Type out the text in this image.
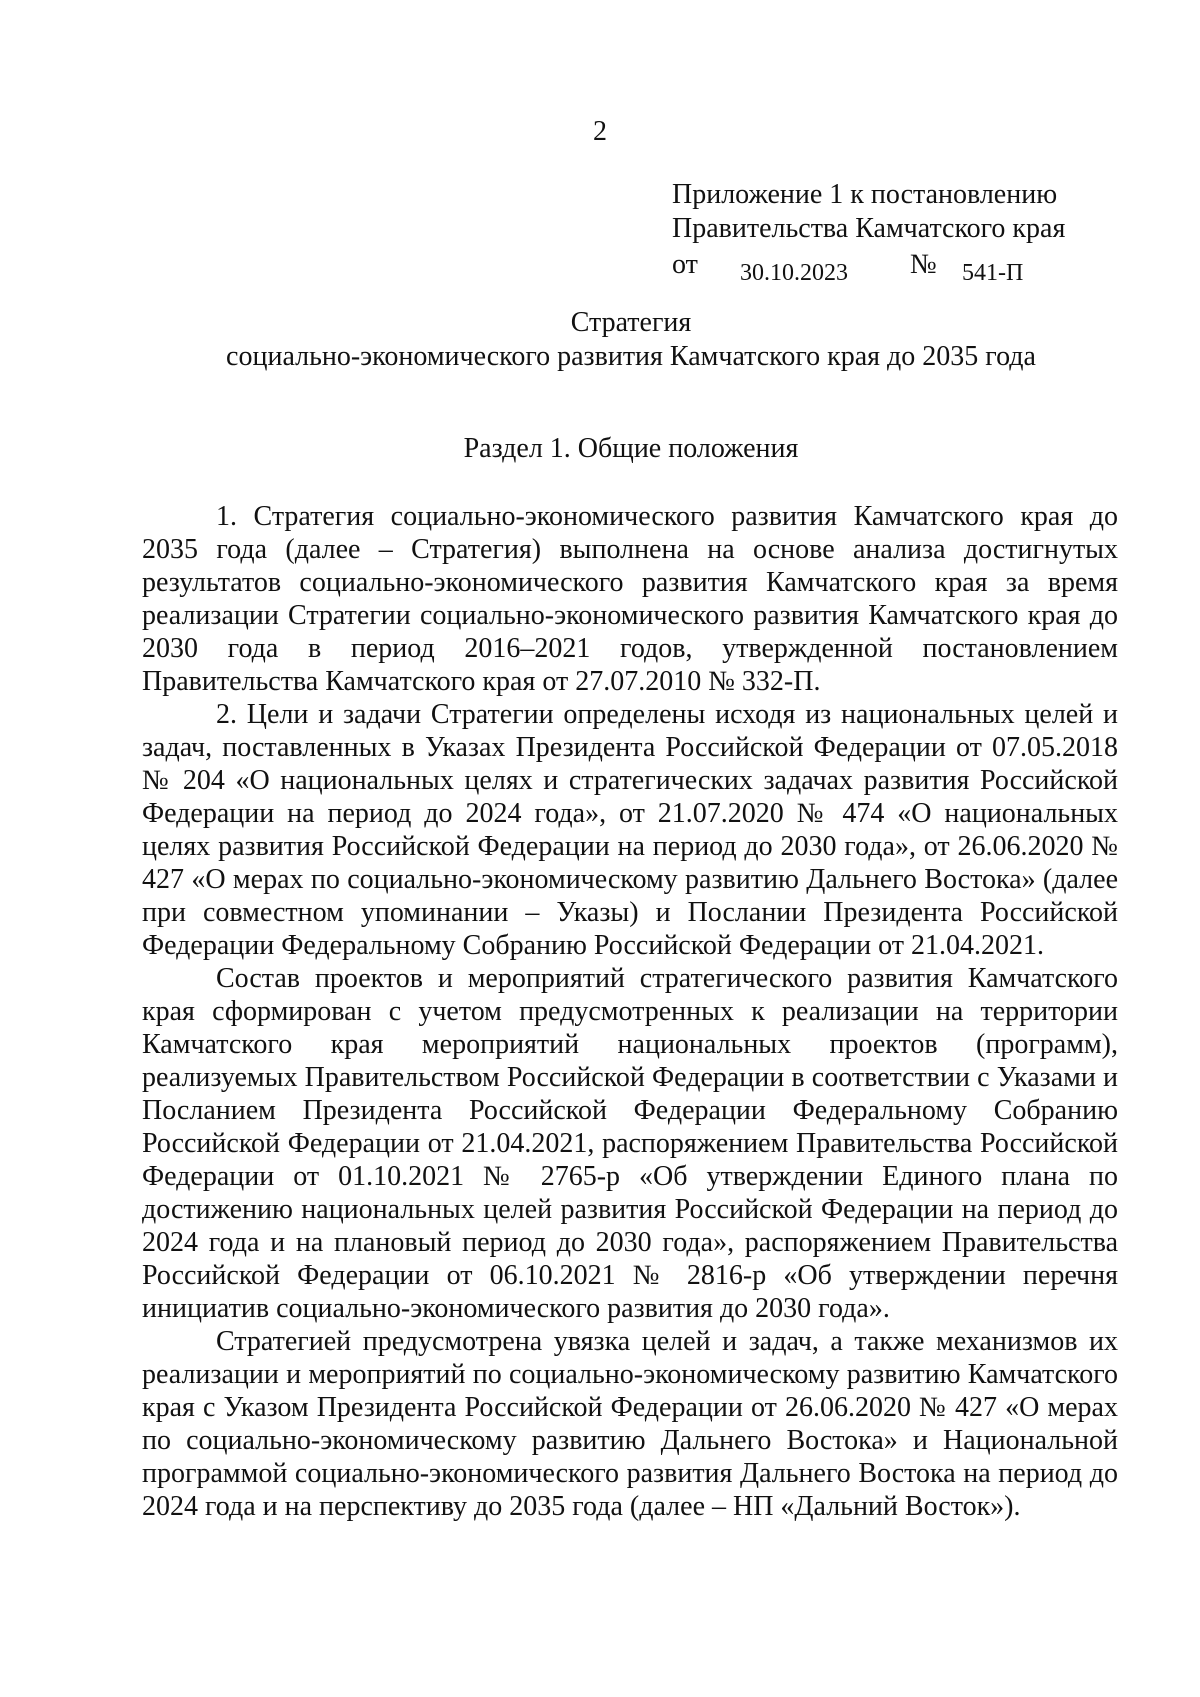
2
Приложение 1 к постановлению
Правительства Камчатского края
от 30.10.2023 № 541-П
Стратегия
социально-экономического развития Камчатского края до 2035 года
Раздел 1. Общие положения

1. Стратегия социально-экономического развития Камчатского края до 2035 года (далее – Стратегия) выполнена на основе анализа достигнутых результатов социально-экономического развития Камчатского края за время реализации Стратегии социально-экономического развития Камчатского края до 2030 года в период 2016–2021 годов, утвержденной постановлением Правительства Камчатского края от 27.07.2010 № 332-П.

2. Цели и задачи Стратегии определены исходя из национальных целей и задач, поставленных в Указах Президента Российской Федерации от 07.05.2018 № 204 «О национальных целях и стратегических задачах развития Российской Федерации на период до 2024 года», от 21.07.2020 № 474 «О национальных целях развития Российской Федерации на период до 2030 года», от 26.06.2020 № 427 «О мерах по социально-экономическому развитию Дальнего Востока» (далее при совместном упоминании – Указы) и Послании Президента Российской Федерации Федеральному Собранию Российской Федерации от 21.04.2021.

Состав проектов и мероприятий стратегического развития Камчатского края сформирован с учетом предусмотренных к реализации на территории Камчатского края мероприятий национальных проектов (программ), реализуемых Правительством Российской Федерации в соответствии с Указами и Посланием Президента Российской Федерации Федеральному Собранию Российской Федерации от 21.04.2021, распоряжением Правительства Российской Федерации от 01.10.2021 № 2765-р «Об утверждении Единого плана по достижению национальных целей развития Российской Федерации на период до 2024 года и на плановый период до 2030 года», распоряжением Правительства Российской Федерации от 06.10.2021 № 2816-р «Об утверждении перечня инициатив социально-экономического развития до 2030 года».

Стратегией предусмотрена увязка целей и задач, а также механизмов их реализации и мероприятий по социально-экономическому развитию Камчатского края с Указом Президента Российской Федерации от 26.06.2020 № 427 «О мерах по социально-экономическому развитию Дальнего Востока» и Национальной программой социально-экономического развития Дальнего Востока на период до 2024 года и на перспективу до 2035 года (далее – НП «Дальний Восток»).
